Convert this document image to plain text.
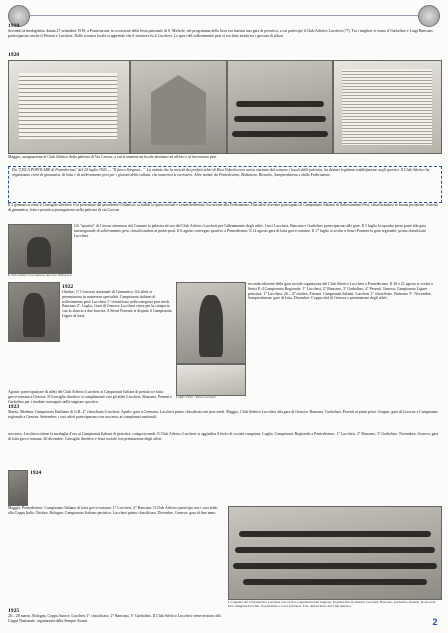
1918
Secondo la medaglietta, datata 27 settembre 1918, a Pontecurone, in occasione della festa patronale di S. Michele, nel programma della fiera era inserita una gara di pesistica, a cui partecipò il Club Atletico Lucchesi (??). Tra i migliori vi erano il Garbolino e Luigi Bancano; parteciparono anche il Pesenti e Lucchesi. Dalla cronaca locale si apprende che il vincitore fu il Lucchesi. Lo sport del sollevamento pesi si era fatto strada tra i giovani di allora.
1920
Maggio, assegnazione al Club Atletico della palestra di Via Cavour, a cui si annesse un locale destinato ad ufficio e al lavoratorio pesi.
Da "LISCA POPOLARE di Pontedecimo" del 24 luglio 1920 — "Il fuoco Sorgente...". La notizia che la società dei prefetti atleti di Riva Valpolcevera aveva ottenuto dal comune i locali della palestra, ha destato legittima soddisfazione negli sportivi. Il Club Atletico ha organizzato corsi di ginnastica, di lotta e di sollevamento pesi per i giovani della vallata, che numerosi si iscrissero. Altre notizie da Pontedecimo, Bolzaneto, Rivarolo, Sampierdarena e dalla Federazione.
Il 2 gennaio si riunì il Consiglio direttivo e fu presentato dal presidente il bilancio; si stabilì la quota sociale e venne deliberata l'iscrizione alla Federazione. Due atleti avevano partecipato al Campionato Italiano di Sollevamento Pesi, classificandosi in buona posizione. Attività di ginnastica, lotta e pesistica proseguirono nella palestra di via Cavour.
Il club Atletico Lucchesi in una foto dell'epoca
Gli "sportivi" di Cavour ottennero dal Comune la palestra ad uso del Club Atletico Lucchesi per l'allenamento degli atleti. I soci Lucchesi, Bancano e Garbolino parteciparono alle gare. Il 5 luglio la squadra prese parte alla gara interregionale di sollevamento pesi, classificandosi ai primi posti. Il 6 agosto convegno sportivo a Pontedecimo. Il 14 agosto gara di lotta greco-romana. Il 17 luglio si svolse a Sestri Ponente la gara regionale: primo classificato Lucchesi.
1922
Ottobre, 1° Concorso nazionale di Ginnastica. Gli atleti si presentarono in numerose specialità. Campionato italiano di sollevamento pesi: Lucchesi 1° classificato nella categoria pesi medi, Bancano 2°. Luglio, Gara di Genova: Lucchesi vince per la categoria con lo slancio a due braccia. A Sestri Ponente si disputò il Campionato Ligure di lotta.
Luglio 1922 – Pesi, Lucchesi
seconda edizione della gara sociale organizzata dal Club Atletico Lucchesi a Pontedecimo. Il 20 e 21 agosto si svolse a Sestri P. il Campionato Regionale. 1° Lucchesi, 2° Bancano, 3° Garbolino, 4° Pesenti. Genova, Campionato Ligure pesistica: 1° Lucchesi. 26 – 27 ottobre, Firenze, Campionati Italiani: Lucchesi 1° classificato, Bancano 3°. Novembre, Sampierdarena: gare di lotta. Dicembre: Coppa città di Genova e premiazione degli atleti.
Agosto: partecipazione di atleti del Club Atletico Lucchesi ai Campionati Italiani di pesistica e lotta greco-romana a Genova. Il Consiglio direttivo si complimentò con gli atleti Lucchesi, Bancano, Pesenti e Garbolino per i risultati conseguiti nella stagione sportiva.
1923
Marzo, Modena: Campionato Emiliano di G.R. 2° classificato Lucchesi. Aprile: gara a Cremona, Lucchesi primo classificato nei pesi medi. Maggio, Club Atletico Lucchesi alla gara di Genova: Bancano, Garbolino, Pesenti ai primi posti. Giugno: gara di Livorno e Campionato regionale a Genova. Settembre: i soci atleti parteciparono con successo ai campionati nazionali.
successo; Lucchesi ottiene la medaglia d'oro ai Campionati Italiani di pesistica, categoria medi. Il Club Atletico Lucchesi si aggiudica il titolo di società campione. Luglio, Campionato Regionale a Pontedecimo: 1° Lucchesi, 2° Bancano, 3° Garbolino. Novembre, Genova: gara di lotta greco-romana. 20 dicembre, Consiglio direttivo e festa sociale con premiazione degli atleti.
1924
Maggio, Pontedecimo: Campionato Italiano di lotta greco-romana: 1° Lucchesi, 2° Bancano. Il Club Atletico partecipa con i suoi atleti alla Coppa Italia. Ottobre, Bologna: Campionato Italiano pesistica. Lucchesi primo classificato. Dicembre, Genova: gara di fine anno.
La squadra del Club Atletico Lucchesi con i trofei conquistati nella stagione. In prima fila da sinistra: Lucchesi, Bancano, Garbolino, Pesenti. In seconda fila i dirigenti del Club, il presidente e i soci fondatori. Foto dell'archivio del Club Atletico.
1925
26 – 28 marzo, Bologna, Coppa Aurora: Lucchesi 1° classificato; 2° Bancano, 3° Garbolino. Il Club Atletico Lucchesi viene invitato alla Coppa Nazionale, organizzata dalla Sempre Avanti.	2
